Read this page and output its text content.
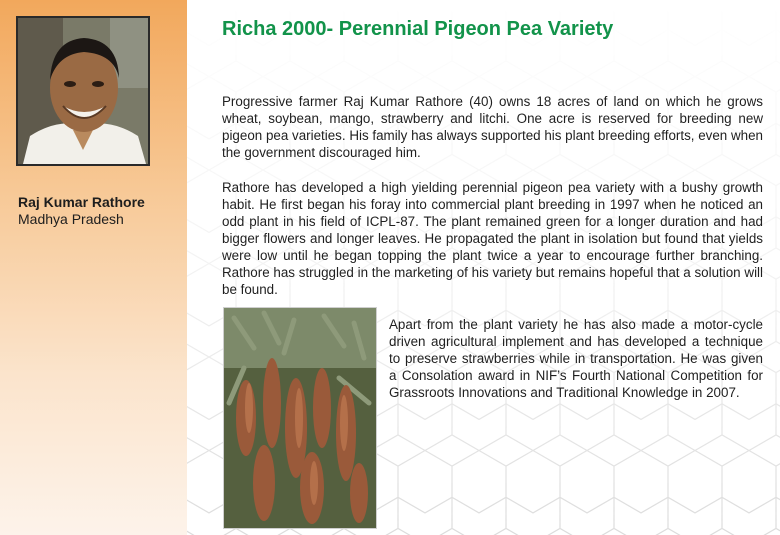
Raj Kumar Rathore

Madhya Pradesh

Richa 2000- Perennial Pigeon Pea Variety

Progressive farmer Raj Kumar Rathore (40) owns 18 acres of land on which he grows wheat, soybean, mango, strawberry and litchi. One acre is reserved for breeding new pigeon pea varieties. His family has always supported his plant breeding efforts, even when the government discouraged him.

Rathore has developed a high yielding perennial pigeon pea variety with a bushy growth habit. He first began his foray into commercial plant breeding in 1997 when he noticed an odd plant in his field of ICPL-87. The plant remained green for a longer duration and had bigger flowers and longer leaves. He propagated the plant in isolation but found that yields were low until he began topping the plant twice a year to encourage further branching. Rathore has struggled in the marketing of his variety but remains hopeful that a solution will be found.

Apart from the plant variety he has also made a motor-cycle driven agricultural implement and has developed a technique to preserve strawberries while in transportation. He was given a Consolation award in NIF’s Fourth National Competition for Grassroots Innovations and Traditional Knowledge in 2007.
